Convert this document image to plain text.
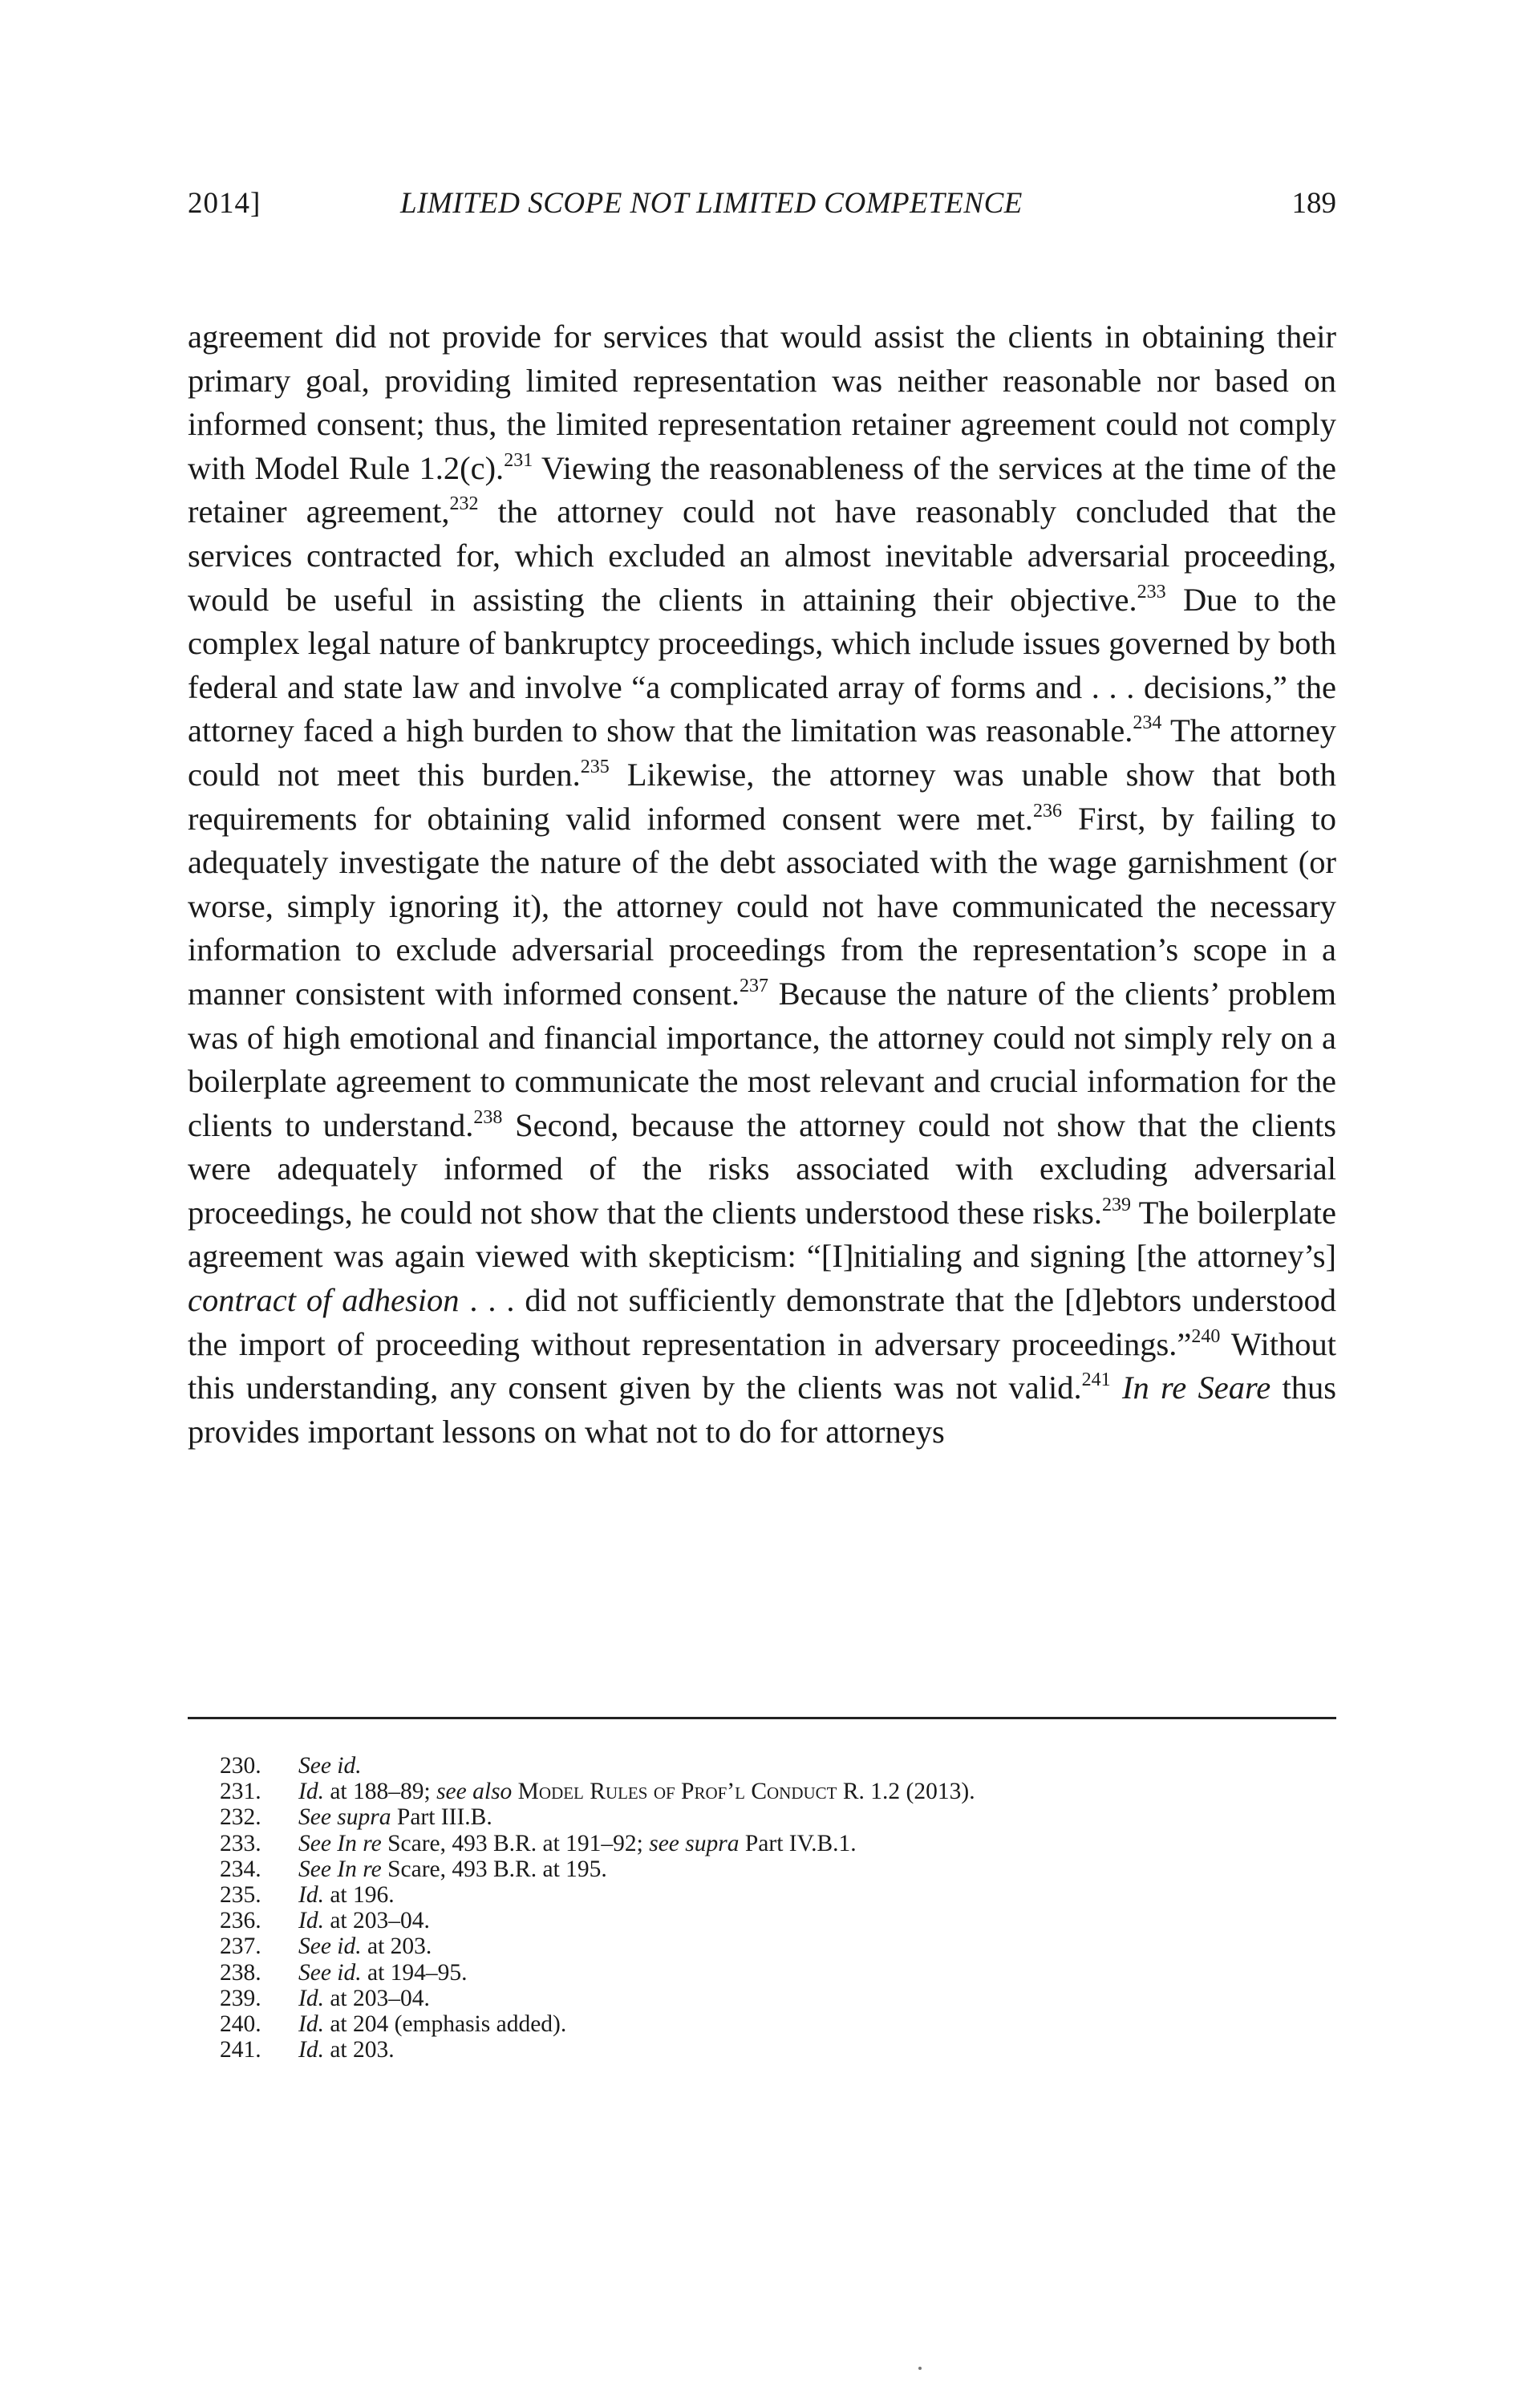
2014]	LIMITED SCOPE NOT LIMITED COMPETENCE	189
agreement did not provide for services that would assist the clients in obtaining their primary goal, providing limited representation was neither reasonable nor based on informed consent; thus, the limited representation retainer agreement could not comply with Model Rule 1.2(c).$^{231}$ Viewing the reasonableness of the services at the time of the retainer agreement,$^{232}$ the attorney could not have reasonably concluded that the services contracted for, which excluded an almost inevitable adversarial proceeding, would be useful in assisting the clients in attaining their objective.$^{233}$ Due to the complex legal nature of bankruptcy proceedings, which include issues governed by both federal and state law and involve “a complicated array of forms and . . . decisions,” the attorney faced a high burden to show that the limitation was reasonable.$^{234}$ The attorney could not meet this burden.$^{235}$ Likewise, the attorney was unable show that both requirements for obtaining valid informed consent were met.$^{236}$ First, by failing to adequately investigate the nature of the debt associated with the wage garnishment (or worse, simply ignoring it), the attorney could not have communicated the necessary information to exclude adversarial proceedings from the representation’s scope in a manner consistent with informed consent.$^{237}$ Because the nature of the clients’ problem was of high emotional and financial importance, the attorney could not simply rely on a boilerplate agreement to communicate the most relevant and crucial information for the clients to understand.$^{238}$ Second, because the attorney could not show that the clients were adequately informed of the risks associated with excluding adversarial proceedings, he could not show that the clients understood these risks.$^{239}$ The boilerplate agreement was again viewed with skepticism: “[I]nitialing and signing [the attorney’s] contract of adhesion . . . did not sufficiently demonstrate that the [d]ebtors understood the import of proceeding without representation in adversary proceedings.”$^{240}$ Without this understanding, any consent given by the clients was not valid.$^{241}$ In re Seare thus provides important lessons on what not to do for attorneys
230.	See id.
231.	Id. at 188–89; see also Model Rules of Prof’l Conduct R. 1.2 (2013).
232.	See supra Part III.B.
233.	See In re Scare, 493 B.R. at 191–92; see supra Part IV.B.1.
234.	See In re Scare, 493 B.R. at 195.
235.	Id. at 196.
236.	Id. at 203–04.
237.	See id. at 203.
238.	See id. at 194–95.
239.	Id. at 203–04.
240.	Id. at 204 (emphasis added).
241.	Id. at 203.
